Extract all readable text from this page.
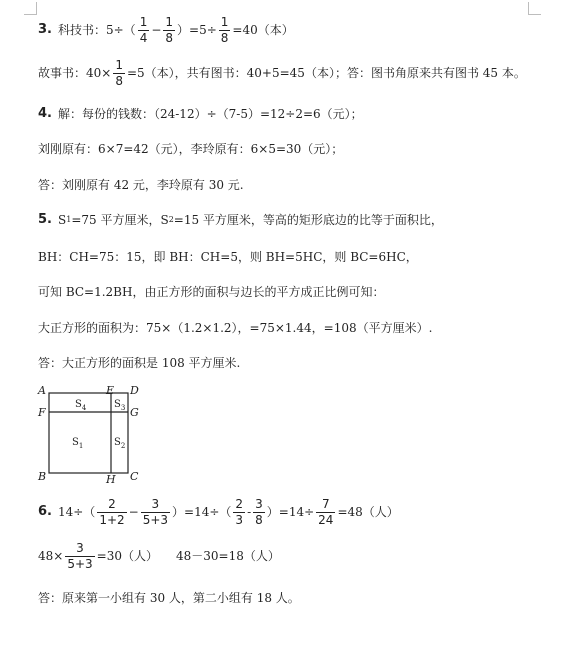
3. 科技书：$5\div( \frac{1}{4} - \frac{1}{8} )=5\div \frac{1}{8} =40$（本）
故事书：$40\times \frac{1}{8} =5$（本），共有图书：40+5=45（本）；答：图书角原来共有图书 45 本。
4. 解：每份的钱数：（24-12）÷（7-5）=12÷2=6（元）；
刘刚原有：6×7=42（元），李玲原有：6×5=30（元）；
答：刘刚原有 42 元，李玲原有 30 元.
5. S 1 =75 平方厘米，S 2 =15 平方厘米，等高的矩形底边的比等于面积比，
BH：CH=75：15，即 BH：CH=5，则 BH=5HC，则 BC=6HC，
可知 BC=1.2BH，由正方形的面积与边长的平方成正比例可知：
大正方形的面积为：75×（1.2×1.2），=75×1.44，=108（平方厘米）.
答：大正方形的面积是 108 平方厘米.
A	E D
F	G
B	H C
$S_4$	$S_3$
$S_1$	$S_2$
6. $14\div( \frac{2}{1+2} - \frac{3}{5+3} )=14\div( \frac{2}{3} - \frac{3}{8} )=14\div \frac{7}{24} =48$（人）
$48\times \frac{3}{5+3} =30$（人）　　48－30=18（人）
答：原来第一小组有 30 人，第二小组有 18 人。
